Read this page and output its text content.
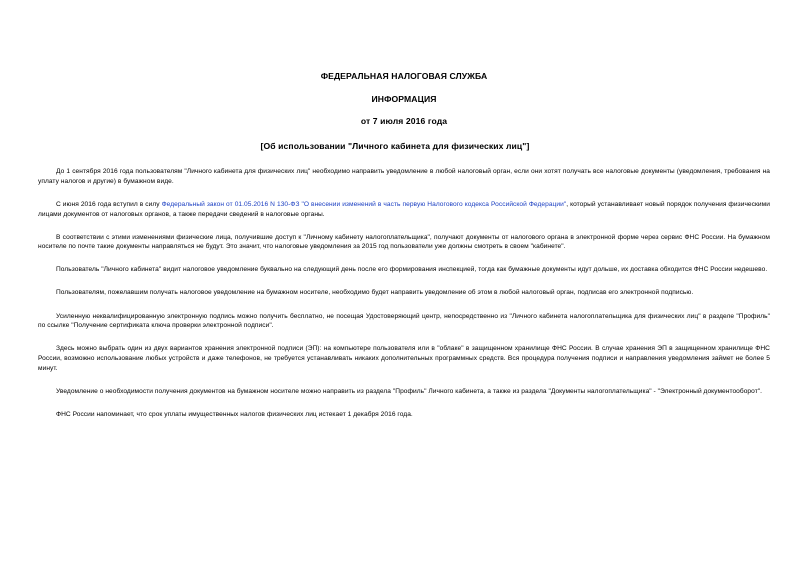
ФЕДЕРАЛЬНАЯ НАЛОГОВАЯ СЛУЖБА

ИНФОРМАЦИЯ

от 7 июля 2016 года

[Об использовании "Личного кабинета для физических лиц"]

До 1 сентября 2016 года пользователям "Личного кабинета для физических лиц" необходимо направить уведомление в любой налоговый орган, если они хотят получать все налоговые документы (уведомления, требования на уплату налогов и другие) в бумажном виде.

С июня 2016 года вступил в силу Федеральный закон от 01.05.2016 N 130-ФЗ "О внесении изменений в часть первую Налогового кодекса Российской Федерации", который устанавливает новый порядок получения физическими лицами документов от налоговых органов, а также передачи сведений в налоговые органы.

В соответствии с этими изменениями физические лица, получившие доступ к "Личному кабинету налогоплательщика", получают документы от налогового органа в электронной форме через сервис ФНС России. На бумажном носителе по почте такие документы направляться не будут. Это значит, что налоговые уведомления за 2015 год пользователи уже должны смотреть в своем "кабинете".

Пользователь "Личного кабинета" видит налоговое уведомление буквально на следующий день после его формирования инспекцией, тогда как бумажные документы идут дольше, их доставка обходится ФНС России недешево.

Пользователям, пожелавшим получать налоговое уведомление на бумажном носителе, необходимо будет направить уведомление об этом в любой налоговый орган, подписав его электронной подписью.

Усиленную неквалифицированную электронную подпись можно получить бесплатно, не посещая Удостоверяющий центр, непосредственно из "Личного кабинета налогоплательщика для физических лиц" в разделе "Профиль" по ссылке "Получение сертификата ключа проверки электронной подписи".

Здесь можно выбрать один из двух вариантов хранения электронной подписи (ЭП): на компьютере пользователя или в "облаке" в защищенном хранилище ФНС России. В случае хранения ЭП в защищенном хранилище ФНС России, возможно использование любых устройств и даже телефонов, не требуется устанавливать никаких дополнительных программных средств. Вся процедура получения подписи и направления уведомления займет не более 5 минут.

Уведомление о необходимости получения документов на бумажном носителе можно направить из раздела "Профиль" Личного кабинета, а также из раздела "Документы налогоплательщика" - "Электронный документооборот".

ФНС России напоминает, что срок уплаты имущественных налогов физических лиц истекает 1 декабря 2016 года.
